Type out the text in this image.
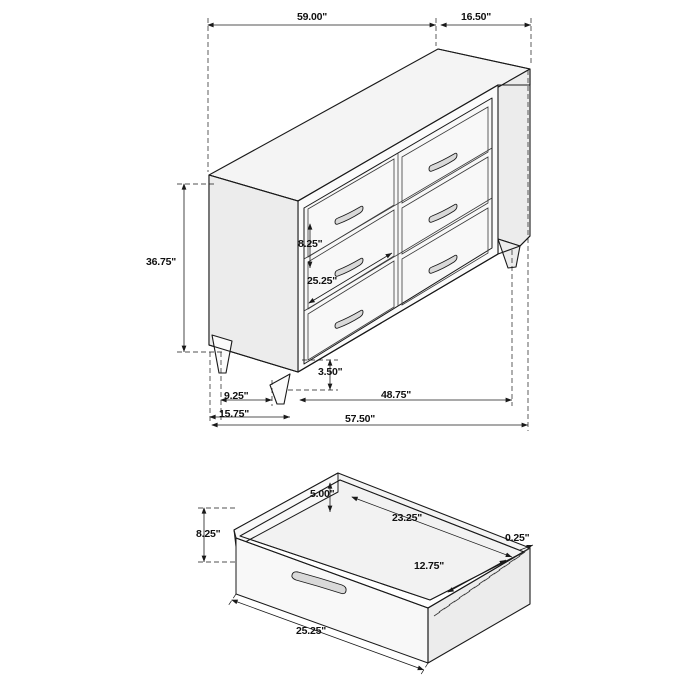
59.00"	16.50"
36.75"
8.25"
25.25"
3.50"
9.25"
15.75"
48.75"
57.50"
5.00"
8.25"
23.25"
12.75"
0.25"
25.25"
